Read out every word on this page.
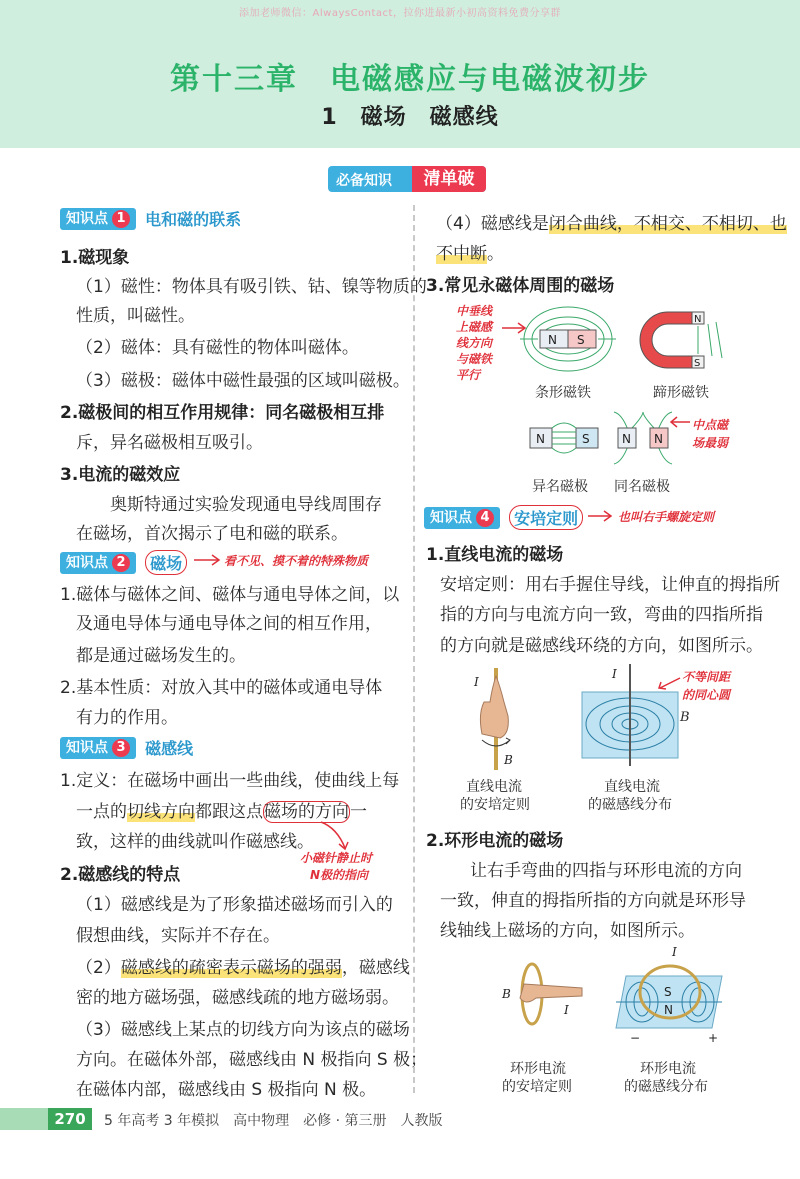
添加老师微信：AlwaysContact，拉你进最新小初高资料免费分享群
第十三章　电磁感应与电磁波初步
1　磁场　磁感线
必备知识	清单破
知识点 1 电和磁的联系
1.磁现象
（1）磁性：物体具有吸引铁、钴、镍等物质的
性质，叫磁性。
（2）磁体：具有磁性的物体叫磁体。
（3）磁极：磁体中磁性最强的区域叫磁极。
2.磁极间的相互作用规律：同名磁极相互排
斥，异名磁极相互吸引。
3.电流的磁效应
奥斯特通过实验发现通电导线周围存
在磁场，首次揭示了电和磁的联系。
知识点 2 磁场	看不见、摸不着的特殊物质
1.磁体与磁体之间、磁体与通电导体之间，以
及通电导体与通电导体之间的相互作用，
都是通过磁场发生的。
2.基本性质：对放入其中的磁体或通电导体
有力的作用。
知识点 3 磁感线
1.定义：在磁场中画出一些曲线，使曲线上每
一点的切线方向都跟这点磁场的方向一
致，这样的曲线就叫作磁感线。
小磁针静止时
N极的指向
2.磁感线的特点
（1）磁感线是为了形象描述磁场而引入的
假想曲线，实际并不存在。
（2）磁感线的疏密表示磁场的强弱，磁感线
密的地方磁场强，磁感线疏的地方磁场弱。
（3）磁感线上某点的切线方向为该点的磁场
方向。在磁体外部，磁感线由 N 极指向 S 极；
在磁体内部，磁感线由 S 极指向 N 极。
（4）磁感线是闭合曲线，不相交、不相切、也
不中断。
3.常见永磁体周围的磁场
中垂线
上磁感
线方向
与磁铁
平行
N S
条形磁铁
N
S
蹄形磁铁
N	S
异名磁极
N N
同名磁极
中点磁
场最弱
知识点 4 安培定则	也叫右手螺旋定则
1.直线电流的磁场
安培定则：用右手握住导线，让伸直的拇指所
指的方向与电流方向一致，弯曲的四指所指
的方向就是磁感线环绕的方向，如图所示。
I
B
直线电流
的安培定则
I
B
不等间距
的同心圆
直线电流
的磁感线分布
2.环形电流的磁场
让右手弯曲的四指与环形电流的方向
一致，伸直的拇指所指的方向就是环形导
线轴线上磁场的方向，如图所示。
B
I
环形电流
的安培定则
S
N
I
−	+
环形电流
的磁感线分布
270	5 年高考 3 年模拟　高中物理　必修 · 第三册　人教版
